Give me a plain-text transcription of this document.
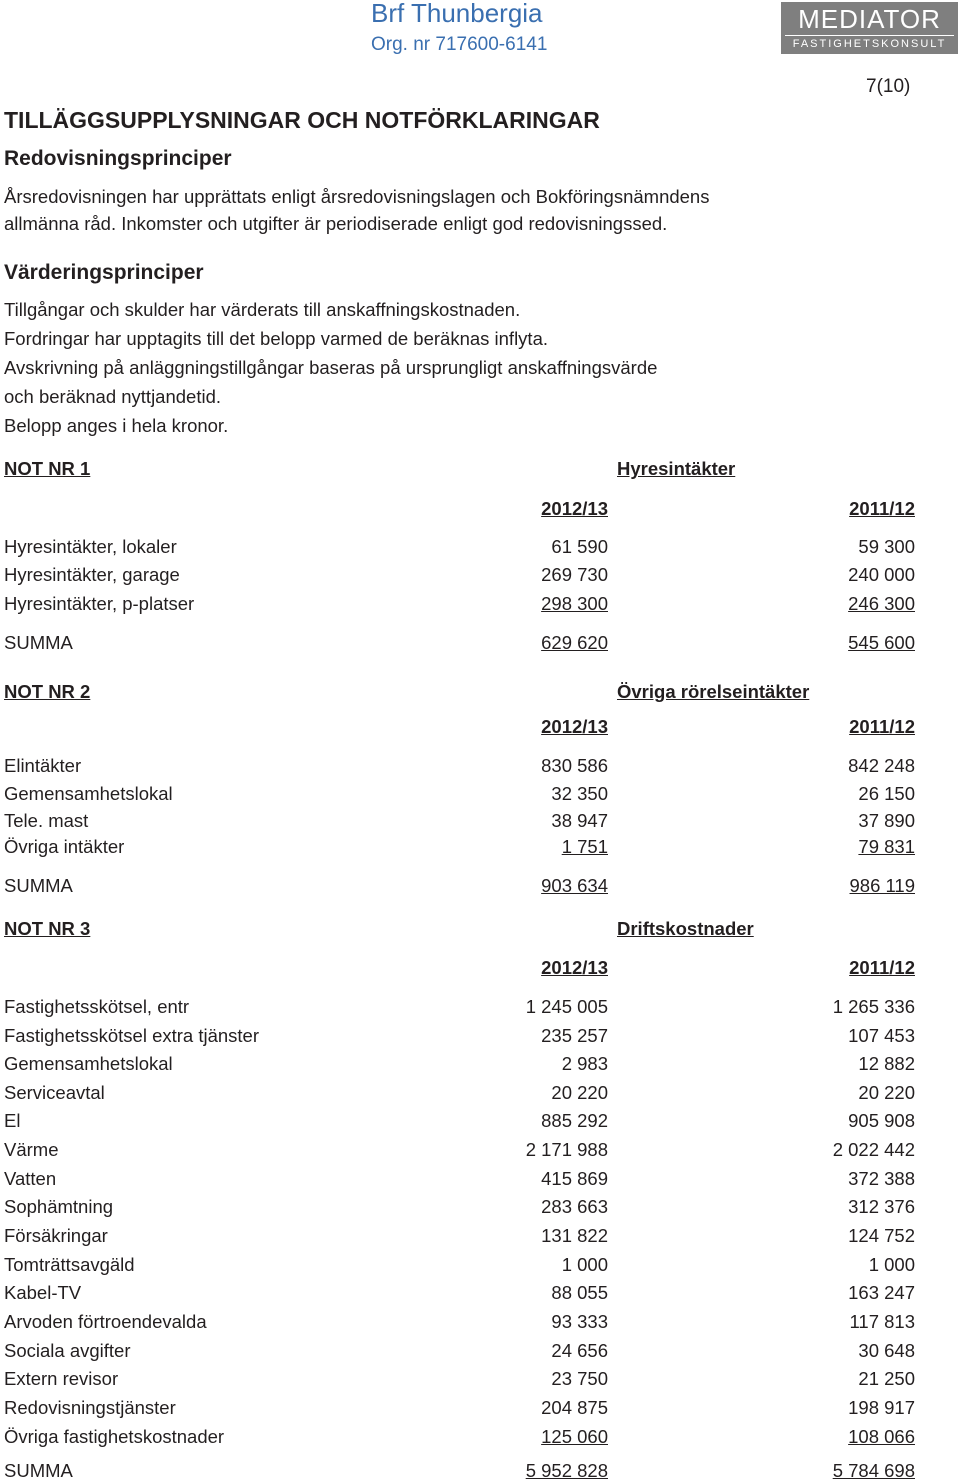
Brf Thunbergia
Org. nr 717600-6141
MEDIATOR
FASTIGHETSKONSULT
7(10)
TILLÄGGSUPPLYSNINGAR OCH NOTFÖRKLARINGAR
Redovisningsprinciper
Årsredovisningen har upprättats enligt årsredovisningslagen och Bokföringsnämndens
allmänna råd. Inkomster och utgifter är periodiserade enligt god redovisningssed.
Värderingsprinciper
Tillgångar och skulder har värderats till anskaffningskostnaden.
Fordringar har upptagits till det belopp varmed de beräknas inflyta.
Avskrivning på anläggningstillgångar baseras på ursprungligt anskaffningsvärde
och beräknad nyttjandetid.
Belopp anges i hela kronor.
NOT NR 1	Hyresintäkter
2012/13	2011/12
Hyresintäkter, lokaler	61 590	59 300
Hyresintäkter, garage	269 730	240 000
Hyresintäkter, p-platser	298 300	246 300
SUMMA	629 620	545 600
NOT NR 2	Övriga rörelseintäkter
2012/13	2011/12
Elintäkter	830 586	842 248
Gemensamhetslokal	32 350	26 150
Tele. mast	38 947	37 890
Övriga intäkter	1 751	79 831
SUMMA	903 634	986 119
NOT NR 3	Driftskostnader
2012/13	2011/12
Fastighetsskötsel, entr	1 245 005	1 265 336
Fastighetsskötsel extra tjänster	235 257	107 453
Gemensamhetslokal	2 983	12 882
Serviceavtal	20 220	20 220
El	885 292	905 908
Värme	2 171 988	2 022 442
Vatten	415 869	372 388
Sophämtning	283 663	312 376
Försäkringar	131 822	124 752
Tomträttsavgäld	1 000	1 000
Kabel-TV	88 055	163 247
Arvoden förtroendevalda	93 333	117 813
Sociala avgifter	24 656	30 648
Extern revisor	23 750	21 250
Redovisningstjänster	204 875	198 917
Övriga fastighetskostnader	125 060	108 066
SUMMA	5 952 828	5 784 698
